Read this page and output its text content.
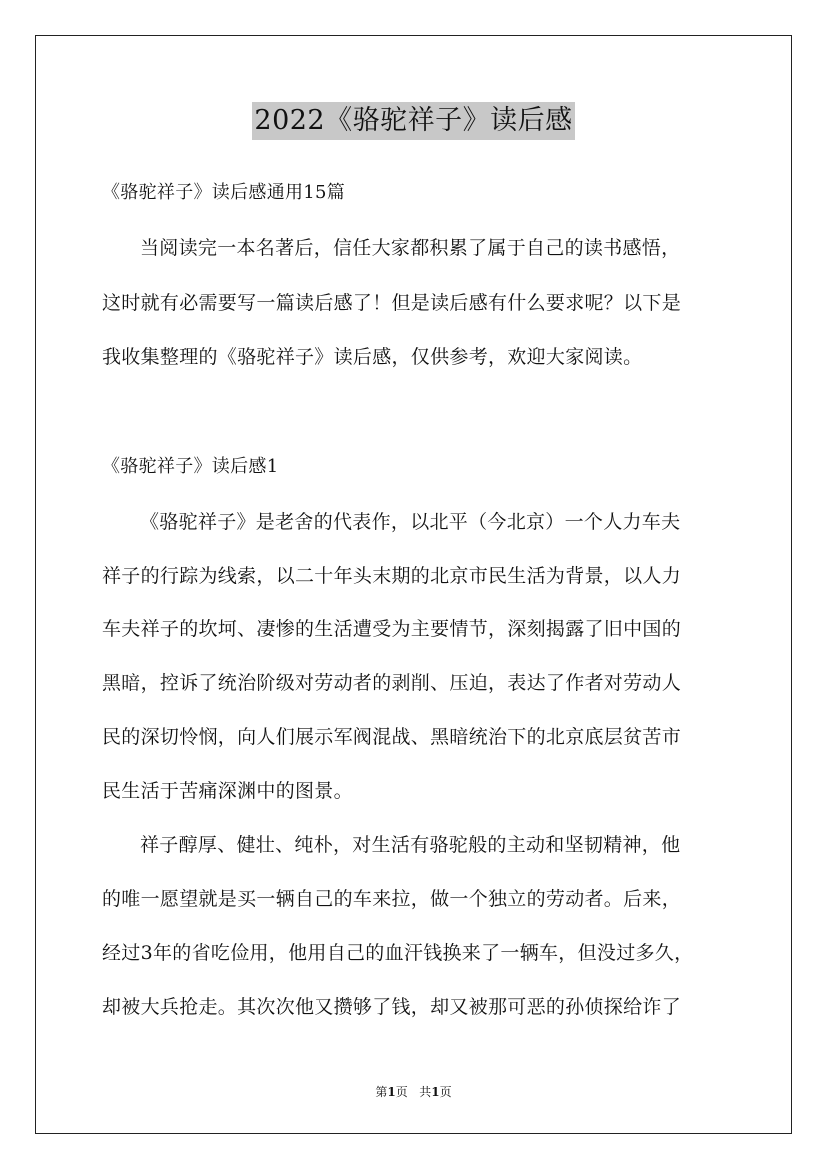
2022《骆驼祥子》读后感
《骆驼祥子》读后感通用15篇
当阅读完一本名著后，信任大家都积累了属于自己的读书感悟，
这时就有必需要写一篇读后感了！但是读后感有什么要求呢？以下是
我收集整理的《骆驼祥子》读后感，仅供参考，欢迎大家阅读。
《骆驼祥子》读后感1
《骆驼祥子》是老舍的代表作，以北平（今北京）一个人力车夫
祥子的行踪为线索，以二十年头末期的北京市民生活为背景，以人力
车夫祥子的坎坷、凄惨的生活遭受为主要情节，深刻揭露了旧中国的
黑暗，控诉了统治阶级对劳动者的剥削、压迫，表达了作者对劳动人
民的深切怜悯，向人们展示军阀混战、黑暗统治下的北京底层贫苦市
民生活于苦痛深渊中的图景。
祥子醇厚、健壮、纯朴，对生活有骆驼般的主动和坚韧精神，他
的唯一愿望就是买一辆自己的车来拉，做一个独立的劳动者。后来，
经过3年的省吃俭用，他用自己的血汗钱换来了一辆车，但没过多久，
却被大兵抢走。其次次他又攒够了钱，却又被那可恶的孙侦探给诈了
第1页 共1页
